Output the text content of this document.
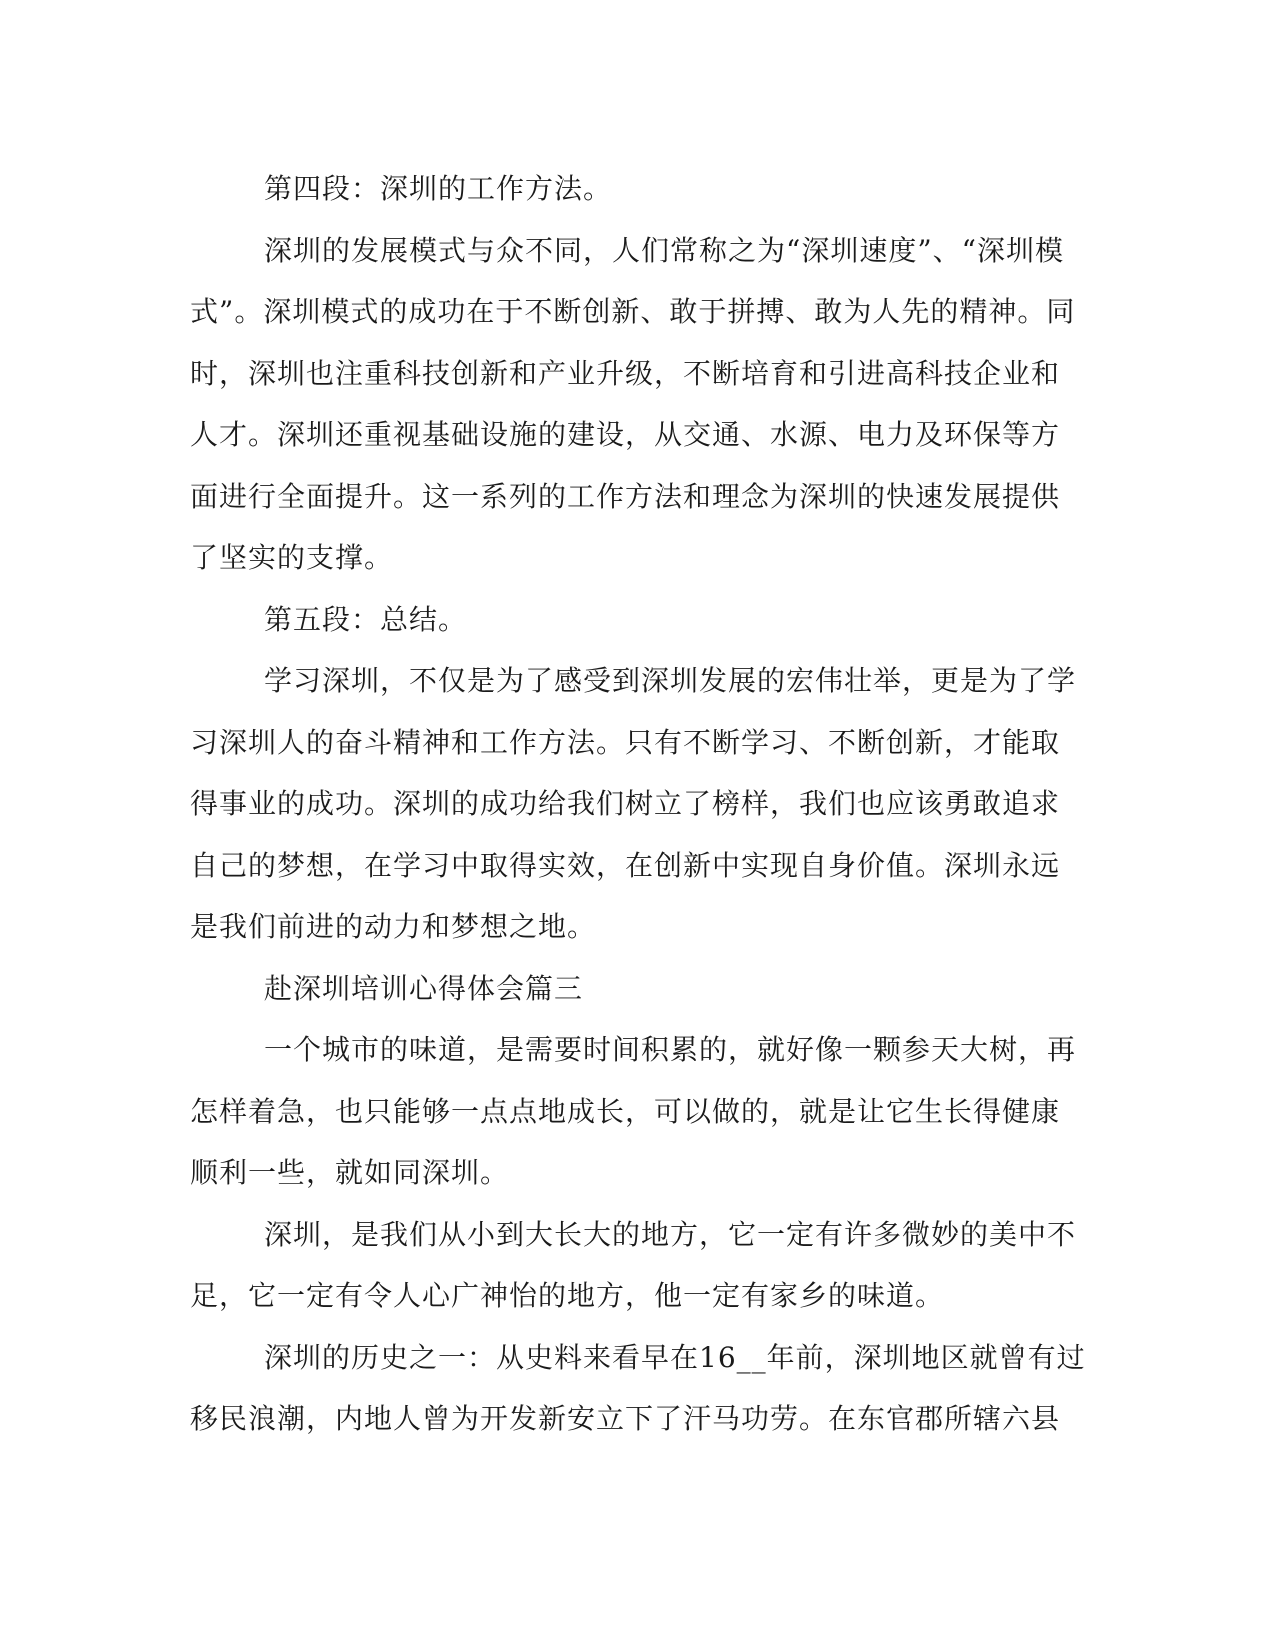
第四段：深圳的工作方法。
深圳的发展模式与众不同，人们常称之为“深圳速度”、“深圳模
式”。深圳模式的成功在于不断创新、敢于拼搏、敢为人先的精神。同
时，深圳也注重科技创新和产业升级，不断培育和引进高科技企业和
人才。深圳还重视基础设施的建设，从交通、水源、电力及环保等方
面进行全面提升。这一系列的工作方法和理念为深圳的快速发展提供
了坚实的支撑。
第五段：总结。
学习深圳，不仅是为了感受到深圳发展的宏伟壮举，更是为了学
习深圳人的奋斗精神和工作方法。只有不断学习、不断创新，才能取
得事业的成功。深圳的成功给我们树立了榜样，我们也应该勇敢追求
自己的梦想，在学习中取得实效，在创新中实现自身价值。深圳永远
是我们前进的动力和梦想之地。
赴深圳培训心得体会篇三
一个城市的味道，是需要时间积累的，就好像一颗参天大树，再
怎样着急，也只能够一点点地成长，可以做的，就是让它生长得健康
顺利一些，就如同深圳。
深圳，是我们从小到大长大的地方，它一定有许多微妙的美中不
足，它一定有令人心广神怡的地方，他一定有家乡的味道。
深圳的历史之一：从史料来看早在16__年前，深圳地区就曾有过
移民浪潮，内地人曾为开发新安立下了汗马功劳。在东官郡所辖六县
